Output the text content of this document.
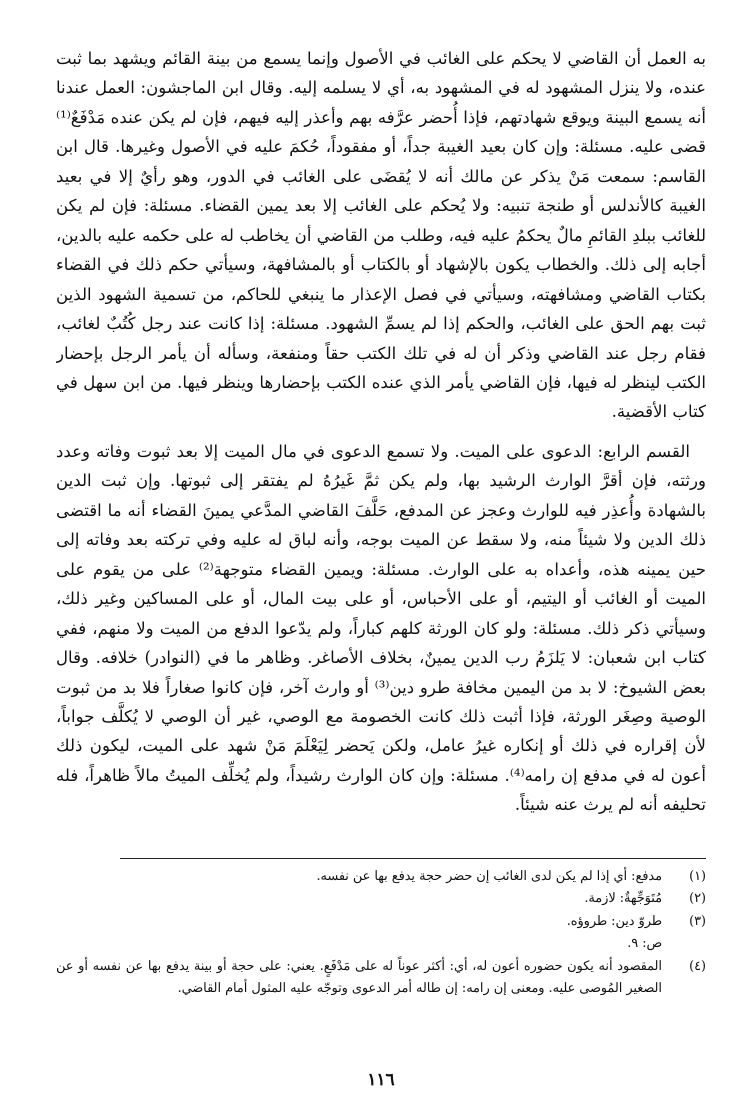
به العمل أن القاضي لا يحكم على الغائب في الأصول وإنما يسمع من بينة القائم ويشهد بما ثبت عنده، ولا ينزل المشهود له في المشهود به، أي لا يسلمه إليه. وقال ابن الماجشون: العمل عندنا أنه يسمع البينة ويوقع شهادتهم، فإذا أُحضر عرَّفه بهم وأعذر إليه فيهم، فإن لم يكن عنده مَدْفَعٌ⁽¹⁾ قضى عليه. مسئلة: وإن كان بعيد الغيبة جداً، أو مفقوداً، حُكمَ عليه في الأصول وغيرها. قال ابن القاسم: سمعت مَنْ يذكر عن مالك أنه لا يُقضَى على الغائب في الدور، وهو رأيٌ إلا في بعيد الغيبة كالأندلس أو طنجة تنبيه: ولا يُحكم على الغائب إلا بعد يمين القضاء. مسئلة: فإن لم يكن للغائب ببلدِ القائمِ مالٌ يحكمُ عليه فيه، وطلب من القاضي أن يخاطب له على حكمه عليه بالدين، أجابه إلى ذلك. والخطاب يكون بالإشهاد أو بالكتاب أو بالمشافهة، وسيأتي حكم ذلك في القضاء بكتاب القاضي ومشافهته، وسيأتي في فصل الإعذار ما ينبغي للحاكم، من تسمية الشهود الذين ثبت بهم الحق على الغائب، والحكم إذا لم يسمِّ الشهود. مسئلة: إذا كانت عند رجل كُتُبٌ لغائب، فقام رجل عند القاضي وذكر أن له في تلك الكتب حقاً ومنفعة، وسأله أن يأمر الرجل بإحضار الكتب لينظر له فيها، فإن القاضي يأمر الذي عنده الكتب بإحضارها وينظر فيها. من ابن سهل في كتاب الأقضية.

القسم الرابع: الدعوى على الميت. ولا تسمع الدعوى في مال الميت إلا بعد ثبوت وفاته وعدد ورثته، فإن أقرَّ الوارث الرشيد بها، ولم يكن ثمَّ غَيرُهُ لم يفتقر إلى ثبوتها. وإن ثبت الدين بالشهادة وأُعذِر فيه للوارث وعجز عن المدفع، حَلَّفَ القاضي المدَّعي يمينَ القضاء أنه ما اقتضى ذلك الدين ولا شيئاً منه، ولا سقط عن الميت بوجه، وأنه لباق له عليه وفي تركته بعد وفاته إلى حين يمينه هذه، وأعداه به على الوارث. مسئلة: ويمين القضاء متوجهة⁽²⁾ على من يقوم على الميت أو الغائب أو اليتيم، أو على الأحباس، أو على بيت المال، أو على المساكين وغير ذلك، وسيأتي ذكر ذلك. مسئلة: ولو كان الورثة كلهم كباراً، ولم يدّعوا الدفع من الميت ولا منهم، ففي كتاب ابن شعبان: لا يَلزَمُ رب الدين يمينٌ، بخلاف الأصاغر. وظاهر ما في (النوادر) خلافه. وقال بعض الشيوخ: لا بد من اليمين مخافة طرو دين⁽³⁾ أو وارث آخر، فإن كانوا صغاراً فلا بد من ثبوت الوصية وصِغَر الورثة، فإذا أثبت ذلك كانت الخصومة مع الوصي، غير أن الوصي لا يُكلَّف جواباً، لأن إقراره في ذلك أو إنكاره غيرُ عامل، ولكن يَحضر لِيَعْلَمَ مَنْ شهد على الميت، ليكون ذلك أعون له في مدفع إن رامه⁽⁴⁾. مسئلة: وإن كان الوارث رشيداً، ولم يُخلِّف الميتُ مالاً ظاهراً، فله تحليفه أنه لم يرث عنه شيئاً.

(١)
مدفع: أي إذا لم يكن لدى الغائب إن حضر حجة يدفع بها عن نفسه.
(٢)
مُتَوَجِّهةٌ: لازمة.
(٣)
طروّ دين: طروؤه.
ص: ٩.
(٤)
المقصود أنه يكون حضوره أعون له، أي: أكثر عوناً له على مَدْفَعٍ. يعني: على حجة أو بينة يدفع بها عن نفسه أو عن الصغير المُوصى عليه. ومعنى إن رامه: إن طاله أمر الدعوى وتوجّه عليه المثول أمام القاضي.
١١٦
